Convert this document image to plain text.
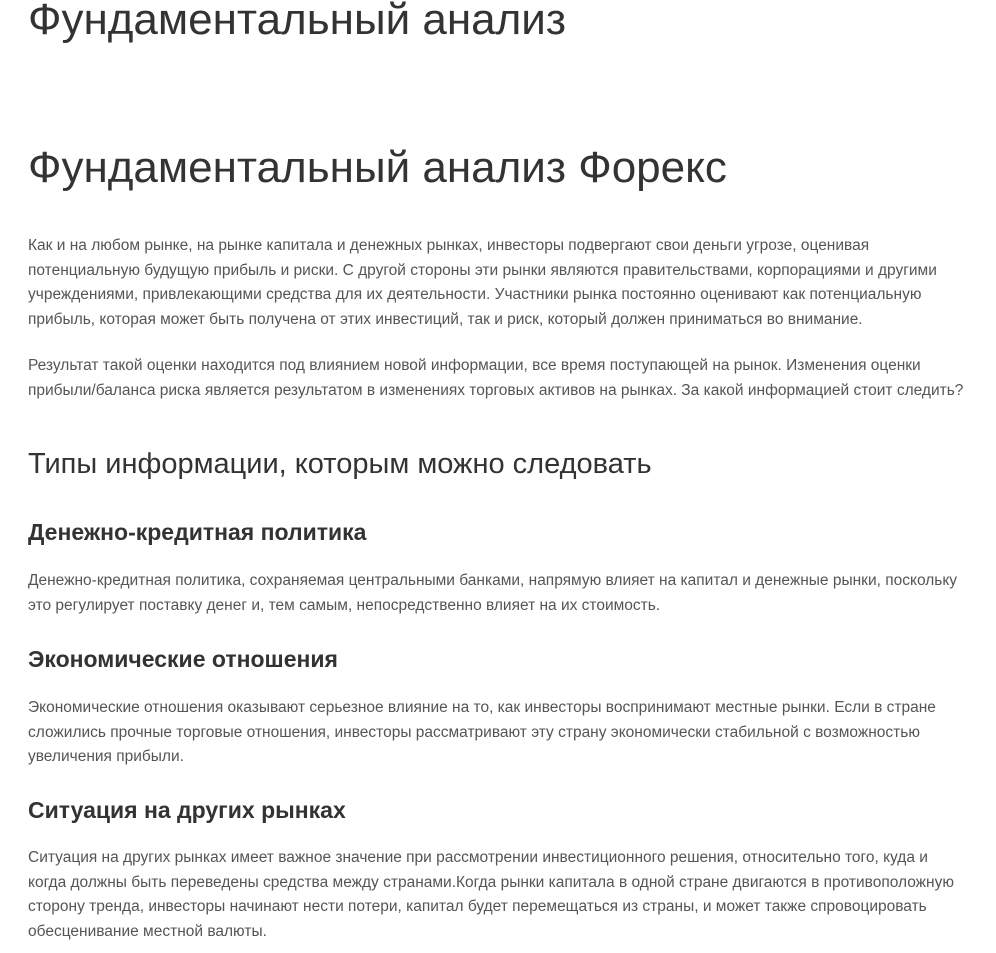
Фундаментальный анализ
Фундаментальный анализ Форекс

Как и на любом рынке, на рынке капитала и денежных рынках, инвесторы подвергают свои деньги угрозе, оценивая потенциальную будущую прибыль и риски. С другой стороны эти рынки являются правительствами, корпорациями и другими учреждениями, привлекающими средства для их деятельности. Участники рынка постоянно оценивают как потенциальную прибыль, которая может быть получена от этих инвестиций, так и риск, который должен приниматься во внимание.

Результат такой оценки находится под влиянием новой информации, все время поступающей на рынок. Изменения оценки прибыли/баланса риска является результатом в изменениях торговых активов на рынках. За какой информацией стоит следить?

Типы информации, которым можно следовать
Денежно-кредитная политика

Денежно-кредитная политика, сохраняемая центральными банками, напрямую влияет на капитал и денежные рынки, поскольку это регулирует поставку денег и, тем самым, непосредственно влияет на их стоимость.

Экономические отношения

Экономические отношения оказывают серьезное влияние на то, как инвесторы воспринимают местные рынки. Если в стране сложились прочные торговые отношения, инвесторы рассматривают эту страну экономически стабильной с возможностью увеличения прибыли.

Ситуация на других рынках

Ситуация на других рынках имеет важное значение при рассмотрении инвестиционного решения, относительно того, куда и когда должны быть переведены средства между странами.Когда рынки капитала в одной стране двигаются в противоположную сторону тренда, инвесторы начинают нести потери, капитал будет перемещаться из страны, и может также спровоцировать обесценивание местной валюты.
